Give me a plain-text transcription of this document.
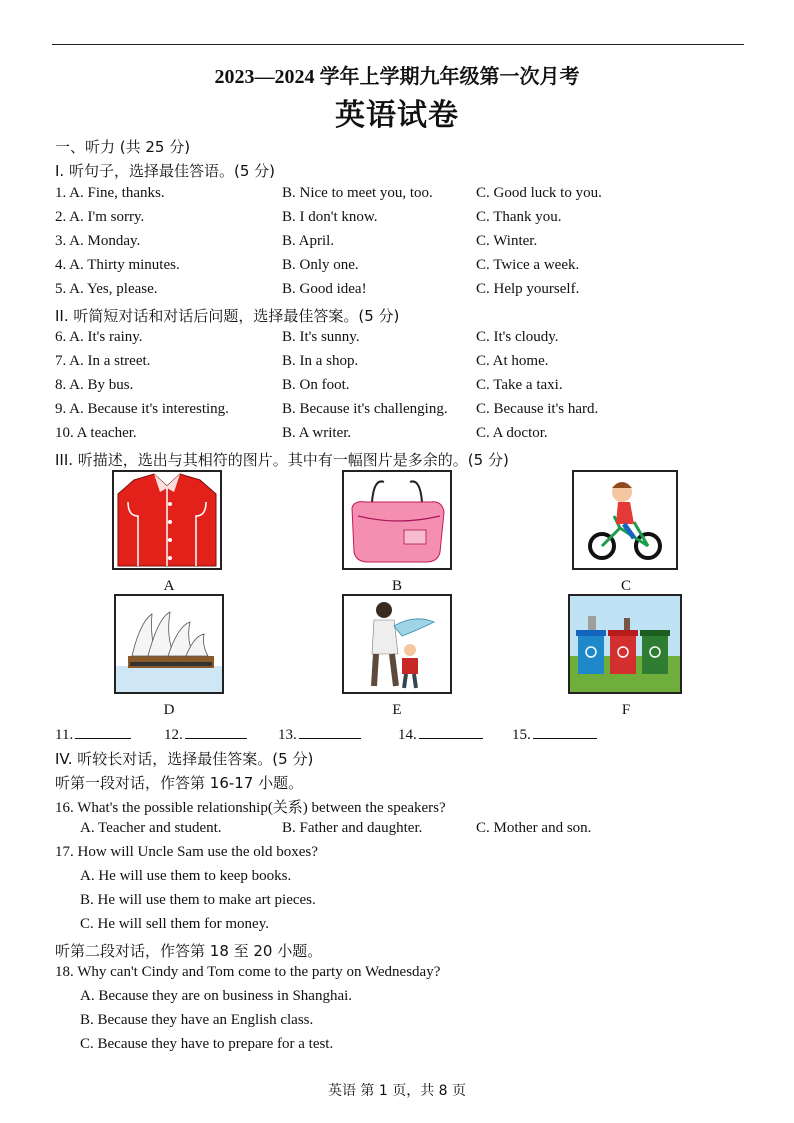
2023—2024 学年上学期九年级第一次月考
英语试卷
一、听力 (共 25 分)
I. 听句子，选择最佳答语。(5 分)
1. A. Fine, thanks.	B. Nice to meet you, too.	C. Good luck to you.
2. A. I'm sorry.	B. I don't know.	C. Thank you.
3. A. Monday.	B. April.	C. Winter.
4. A. Thirty minutes.	B. Only one.	C. Twice a week.
5. A. Yes, please.	B. Good idea!	C. Help yourself.
II. 听简短对话和对话后问题，选择最佳答案。(5 分)
6. A. It's rainy.	B. It's sunny.	C. It's cloudy.
7. A. In a street.	B. In a shop.	C. At home.
8. A. By bus.	B. On foot.	C. Take a taxi.
9. A. Because it's interesting.	B. Because it's challenging. C. Because it's hard.
10. A teacher.	B. A writer.	C. A doctor.
III. 听描述，选出与其相符的图片。其中有一幅图片是多余的。(5 分)
A	B	C
D	E	F
11.	12.	13.	14.	15.
IV. 听较长对话，选择最佳答案。(5 分)
听第一段对话，作答第 16-17 小题。
16. What's the possible relationship(关系) between the speakers?
A. Teacher and student.	B. Father and daughter.	C. Mother and son.
17. How will Uncle Sam use the old boxes?
A. He will use them to keep books.
B. He will use them to make art pieces.
C. He will sell them for money.
听第二段对话，作答第 18 至 20 小题。
18. Why can't Cindy and Tom come to the party on Wednesday?
A. Because they are on business in Shanghai.
B. Because they have an English class.
C. Because they have to prepare for a test.
英语 第 1 页，共 8 页
